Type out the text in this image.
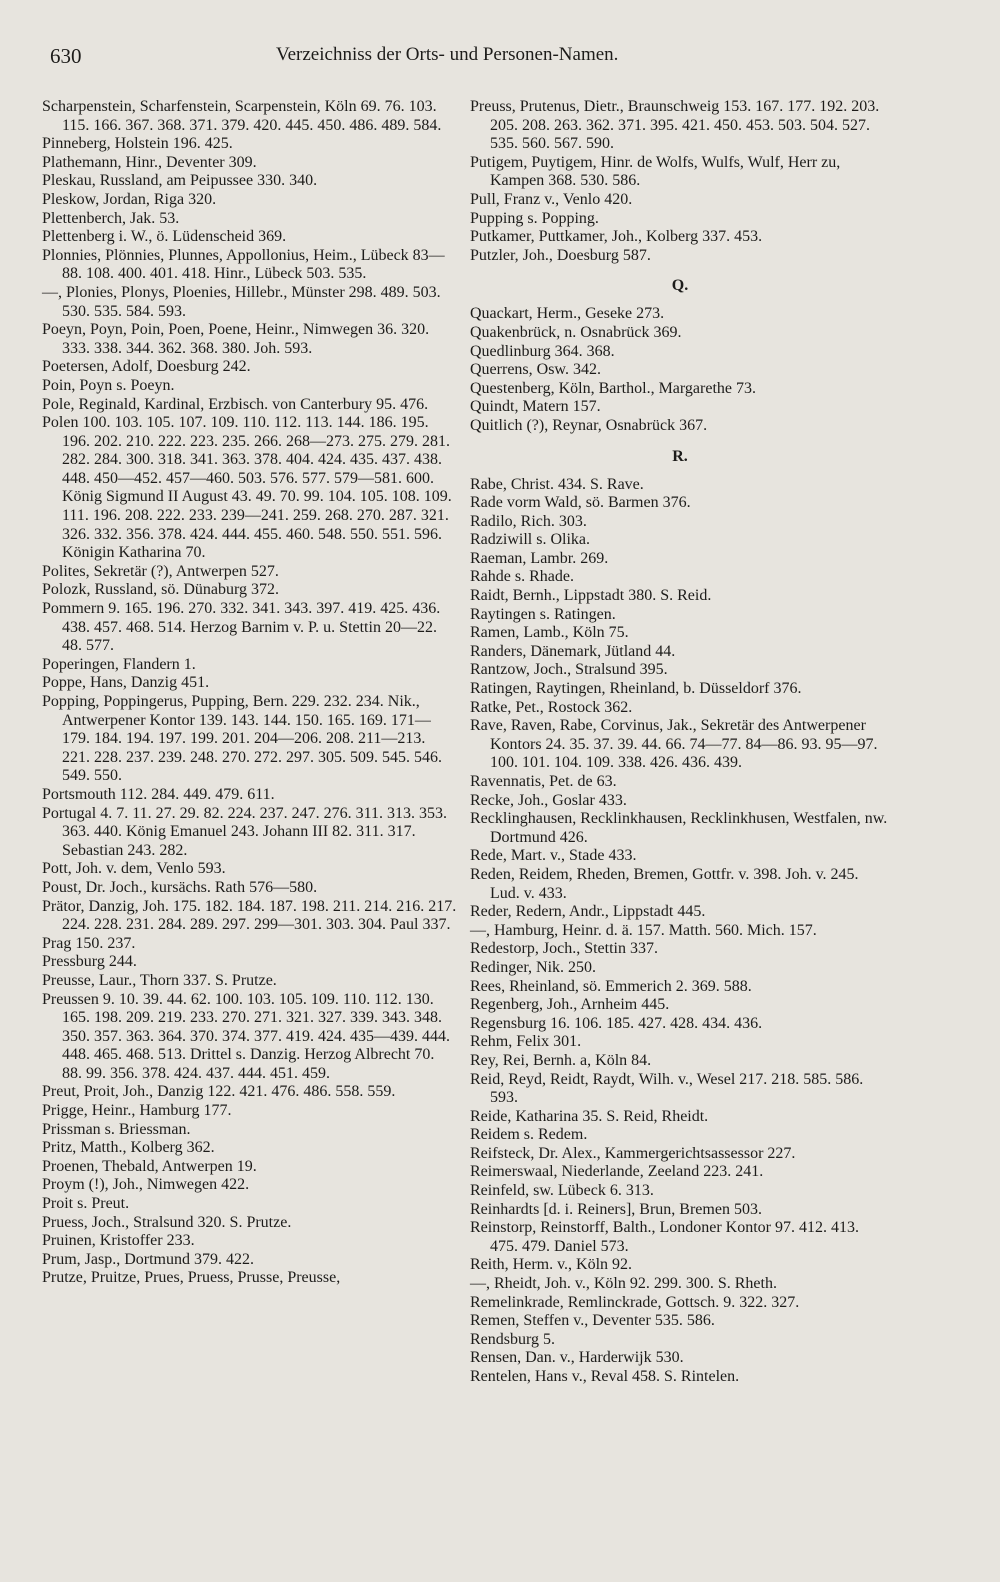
630	Verzeichniss der Orts- und Personen-Namen.

Scharpenstein, Scharfenstein, Scarpenstein, Köln 69. 76. 103. 115. 166. 367. 368. 371. 379. 420. 445. 450. 486. 489. 584.

Pinneberg, Holstein 196. 425.

Plathemann, Hinr., Deventer 309.

Pleskau, Russland, am Peipussee 330. 340.

Pleskow, Jordan, Riga 320.

Plettenberch, Jak. 53.

Plettenberg i. W., ö. Lüdenscheid 369.

Plonnies, Plönnies, Plunnes, Appollonius, Heim., Lübeck 83—88. 108. 400. 401. 418. Hinr., Lübeck 503. 535.

—, Plonies, Plonys, Ploenies, Hillebr., Münster 298. 489. 503. 530. 535. 584. 593.

Poeyn, Poyn, Poin, Poen, Poene, Heinr., Nimwegen 36. 320. 333. 338. 344. 362. 368. 380. Joh. 593.

Poetersen, Adolf, Doesburg 242.

Poin, Poyn s. Poeyn.

Pole, Reginald, Kardinal, Erzbisch. von Canterbury 95. 476.

Polen 100. 103. 105. 107. 109. 110. 112. 113. 144. 186. 195. 196. 202. 210. 222. 223. 235. 266. 268—273. 275. 279. 281. 282. 284. 300. 318. 341. 363. 378. 404. 424. 435. 437. 438. 448. 450—452. 457—460. 503. 576. 577. 579—581. 600. König Sigmund II August 43. 49. 70. 99. 104. 105. 108. 109. 111. 196. 208. 222. 233. 239—241. 259. 268. 270. 287. 321. 326. 332. 356. 378. 424. 444. 455. 460. 548. 550. 551. 596. Königin Katharina 70.

Polites, Sekretär (?), Antwerpen 527.

Polozk, Russland, sö. Dünaburg 372.

Pommern 9. 165. 196. 270. 332. 341. 343. 397. 419. 425. 436. 438. 457. 468. 514. Herzog Barnim v. P. u. Stettin 20—22. 48. 577.

Poperingen, Flandern 1.

Poppe, Hans, Danzig 451.

Popping, Poppingerus, Pupping, Bern. 229. 232. 234. Nik., Antwerpener Kontor 139. 143. 144. 150. 165. 169. 171—179. 184. 194. 197. 199. 201. 204—206. 208. 211—213. 221. 228. 237. 239. 248. 270. 272. 297. 305. 509. 545. 546. 549. 550.

Portsmouth 112. 284. 449. 479. 611.

Portugal 4. 7. 11. 27. 29. 82. 224. 237. 247. 276. 311. 313. 353. 363. 440. König Emanuel 243. Johann III 82. 311. 317. Sebastian 243. 282.

Pott, Joh. v. dem, Venlo 593.

Poust, Dr. Joch., kursächs. Rath 576—580.

Prätor, Danzig, Joh. 175. 182. 184. 187. 198. 211. 214. 216. 217. 224. 228. 231. 284. 289. 297. 299—301. 303. 304. Paul 337.

Prag 150. 237.

Pressburg 244.

Preusse, Laur., Thorn 337. S. Prutze.

Preussen 9. 10. 39. 44. 62. 100. 103. 105. 109. 110. 112. 130. 165. 198. 209. 219. 233. 270. 271. 321. 327. 339. 343. 348. 350. 357. 363. 364. 370. 374. 377. 419. 424. 435—439. 444. 448. 465. 468. 513. Drittel s. Danzig. Herzog Albrecht 70. 88. 99. 356. 378. 424. 437. 444. 451. 459.

Preut, Proit, Joh., Danzig 122. 421. 476. 486. 558. 559.

Prigge, Heinr., Hamburg 177.

Prissman s. Briessman.

Pritz, Matth., Kolberg 362.

Proenen, Thebald, Antwerpen 19.

Proym (!), Joh., Nimwegen 422.

Proit s. Preut.

Pruess, Joch., Stralsund 320. S. Prutze.

Pruinen, Kristoffer 233.

Prum, Jasp., Dortmund 379. 422.

Prutze, Pruitze, Prues, Pruess, Prusse, Preusse,

Preuss, Prutenus, Dietr., Braunschweig 153. 167. 177. 192. 203. 205. 208. 263. 362. 371. 395. 421. 450. 453. 503. 504. 527. 535. 560. 567. 590.

Putigem, Puytigem, Hinr. de Wolfs, Wulfs, Wulf, Herr zu, Kampen 368. 530. 586.

Pull, Franz v., Venlo 420.

Pupping s. Popping.

Putkamer, Puttkamer, Joh., Kolberg 337. 453.

Putzler, Joh., Doesburg 587.

Q.

Quackart, Herm., Geseke 273.

Quakenbrück, n. Osnabrück 369.

Quedlinburg 364. 368.

Querrens, Osw. 342.

Questenberg, Köln, Barthol., Margarethe 73.

Quindt, Matern 157.

Quitlich (?), Reynar, Osnabrück 367.

R.

Rabe, Christ. 434. S. Rave.

Rade vorm Wald, sö. Barmen 376.

Radilo, Rich. 303.

Radziwill s. Olika.

Raeman, Lambr. 269.

Rahde s. Rhade.

Raidt, Bernh., Lippstadt 380. S. Reid.

Raytingen s. Ratingen.

Ramen, Lamb., Köln 75.

Randers, Dänemark, Jütland 44.

Rantzow, Joch., Stralsund 395.

Ratingen, Raytingen, Rheinland, b. Düsseldorf 376.

Ratke, Pet., Rostock 362.

Rave, Raven, Rabe, Corvinus, Jak., Sekretär des Antwerpener Kontors 24. 35. 37. 39. 44. 66. 74—77. 84—86. 93. 95—97. 100. 101. 104. 109. 338. 426. 436. 439.

Ravennatis, Pet. de 63.

Recke, Joh., Goslar 433.

Recklinghausen, Recklinkhausen, Recklinkhusen, Westfalen, nw. Dortmund 426.

Rede, Mart. v., Stade 433.

Reden, Reidem, Rheden, Bremen, Gottfr. v. 398. Joh. v. 245. Lud. v. 433.

Reder, Redern, Andr., Lippstadt 445.

—, Hamburg, Heinr. d. ä. 157. Matth. 560. Mich. 157.

Redestorp, Joch., Stettin 337.

Redinger, Nik. 250.

Rees, Rheinland, sö. Emmerich 2. 369. 588.

Regenberg, Joh., Arnheim 445.

Regensburg 16. 106. 185. 427. 428. 434. 436.

Rehm, Felix 301.

Rey, Rei, Bernh. a, Köln 84.

Reid, Reyd, Reidt, Raydt, Wilh. v., Wesel 217. 218. 585. 586. 593.

Reide, Katharina 35. S. Reid, Rheidt.

Reidem s. Redem.

Reifsteck, Dr. Alex., Kammergerichtsassessor 227.

Reimerswaal, Niederlande, Zeeland 223. 241.

Reinfeld, sw. Lübeck 6. 313.

Reinhardts [d. i. Reiners], Brun, Bremen 503.

Reinstorp, Reinstorff, Balth., Londoner Kontor 97. 412. 413. 475. 479. Daniel 573.

Reith, Herm. v., Köln 92.

—, Rheidt, Joh. v., Köln 92. 299. 300. S. Rheth.

Remelinkrade, Remlinckrade, Gottsch. 9. 322. 327.

Remen, Steffen v., Deventer 535. 586.

Rendsburg 5.

Rensen, Dan. v., Harderwijk 530.

Rentelen, Hans v., Reval 458. S. Rintelen.
